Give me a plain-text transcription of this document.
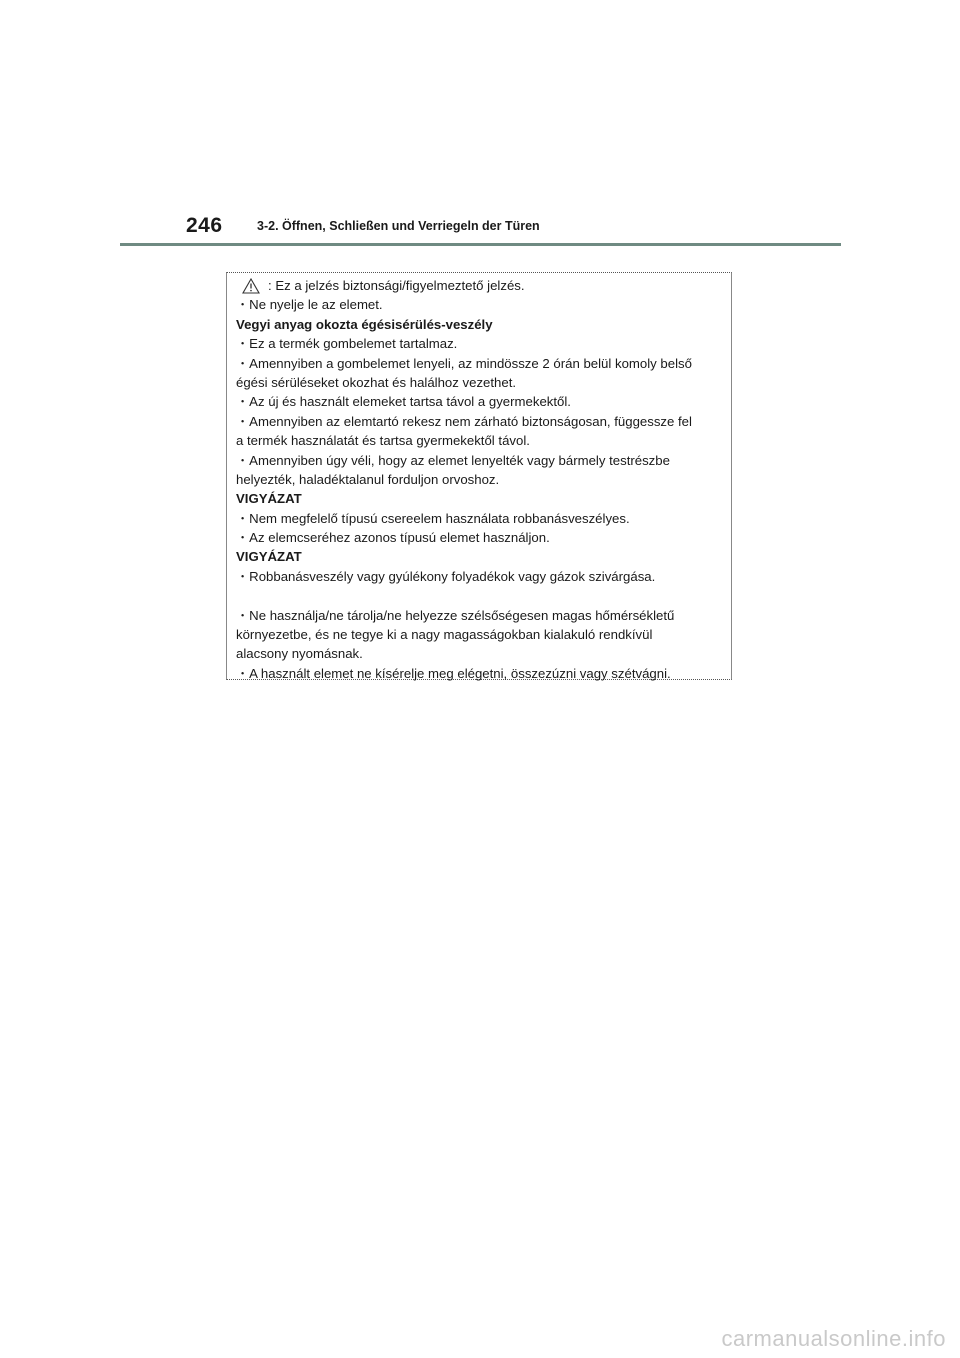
246	3-2. Öffnen, Schließen und Verriegeln der Türen
: Ez a jelzés biztonsági/figyelmeztető jelzés.
・Ne nyelje le az elemet.
Vegyi anyag okozta égésisérülés-veszély
・Ez a termék gombelemet tartalmaz.
・Amennyiben a gombelemet lenyeli, az mindössze 2 órán belül komoly belső
égési sérüléseket okozhat és halálhoz vezethet.
・Az új és használt elemeket tartsa távol a gyermekektől.
・Amennyiben az elemtartó rekesz nem zárható biztonságosan, függessze fel
a termék használatát és tartsa gyermekektől távol.
・Amennyiben úgy véli, hogy az elemet lenyelték vagy bármely testrészbe
helyezték, haladéktalanul forduljon orvoshoz.
VIGYÁZAT
・Nem megfelelő típusú csereelem használata robbanásveszélyes.
・Az elemcseréhez azonos típusú elemet használjon.
VIGYÁZAT
・Robbanásveszély vagy gyúlékony folyadékok vagy gázok szivárgása.
・Ne használja/ne tárolja/ne helyezze szélsőségesen magas hőmérsékletű
környezetbe, és ne tegye ki a nagy magasságokban kialakuló rendkívül
alacsony nyomásnak.
・A használt elemet ne kísérelje meg elégetni, összezúzni vagy szétvágni.
carmanualsonline.info
